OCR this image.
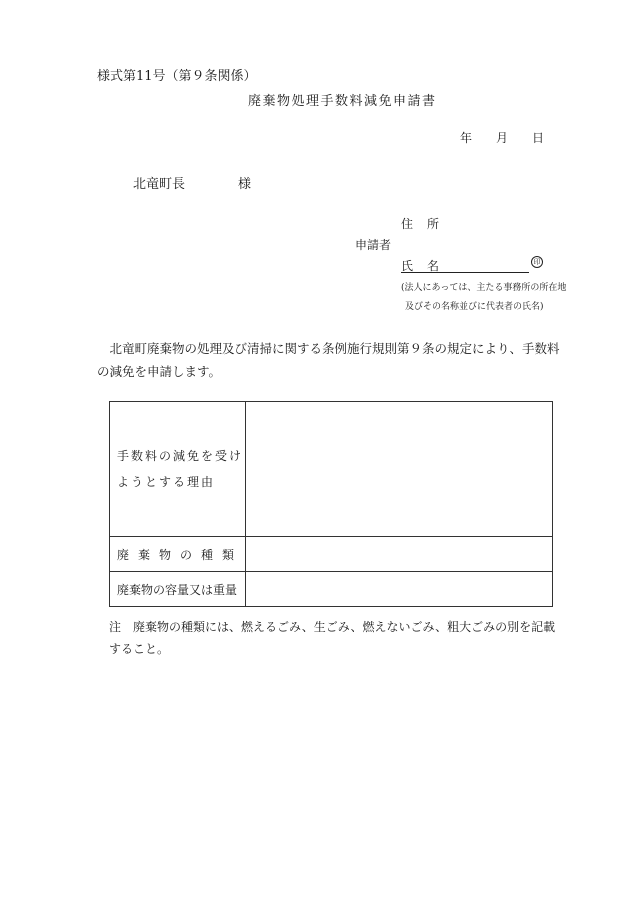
様式第11号（第９条関係）
廃棄物処理手数料減免申請書
年 月 日
北竜町長	様
住所
申請者
氏名	印
(法人にあっては、主たる事務所の所在地
及びその名称並びに代表者の氏名)
北竜町廃棄物の処理及び清掃に関する条例施行規則第９条の規定により、手数料の減免を申請します。
手数料の減免を受け
ようとする理由	

廃棄物の種類	
廃棄物の容量又は重量	
注　廃棄物の種類には、燃えるごみ、生ごみ、燃えないごみ、粗大ごみの別を記載すること。
